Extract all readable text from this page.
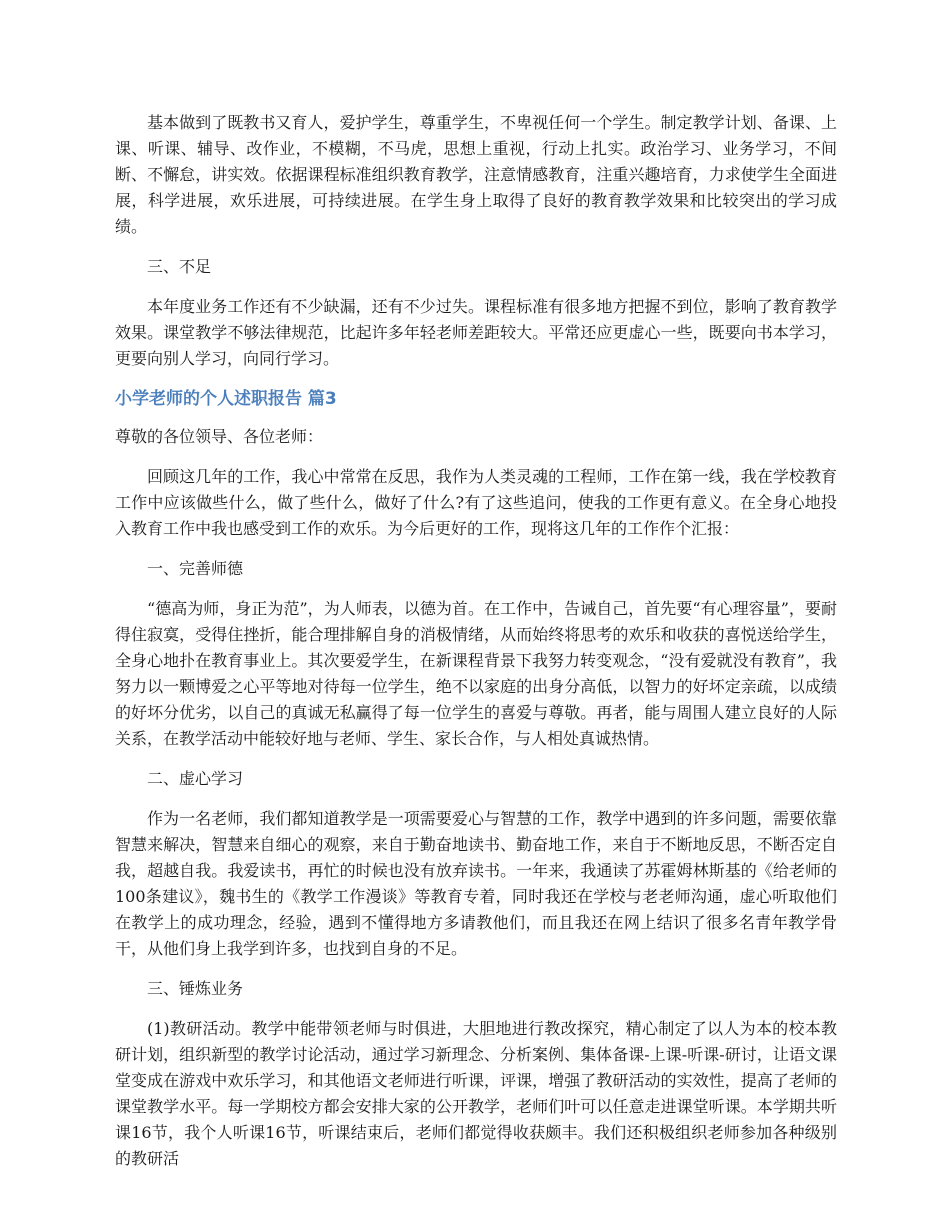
基本做到了既教书又育人，爱护学生，尊重学生，不卑视任何一个学生。制定教学计划、备课、上课、听课、辅导、改作业，不模糊，不马虎，思想上重视，行动上扎实。政治学习、业务学习，不间断、不懈怠，讲实效。依据课程标准组织教育教学，注意情感教育，注重兴趣培育，力求使学生全面进展，科学进展，欢乐进展，可持续进展。在学生身上取得了良好的教育教学效果和比较突出的学习成绩。

三、不足

本年度业务工作还有不少缺漏，还有不少过失。课程标准有很多地方把握不到位，影响了教育教学效果。课堂教学不够法律规范，比起许多年轻老师差距较大。平常还应更虚心一些，既要向书本学习，更要向别人学习，向同行学习。

小学老师的个人述职报告 篇3

尊敬的各位领导、各位老师：

回顾这几年的工作，我心中常常在反思，我作为人类灵魂的工程师，工作在第一线，我在学校教育工作中应该做些什么，做了些什么，做好了什么?有了这些追问，使我的工作更有意义。在全身心地投入教育工作中我也感受到工作的欢乐。为今后更好的工作，现将这几年的工作作个汇报：

一、完善师德

“德高为师，身正为范”，为人师表，以德为首。在工作中，告诫自己，首先要“有心理容量”，要耐得住寂寞，受得住挫折，能合理排解自身的消极情绪，从而始终将思考的欢乐和收获的喜悦送给学生，全身心地扑在教育事业上。其次要爱学生，在新课程背景下我努力转变观念，“没有爱就没有教育”，我努力以一颗博爱之心平等地对待每一位学生，绝不以家庭的出身分高低，以智力的好坏定亲疏，以成绩的好坏分优劣，以自己的真诚无私赢得了每一位学生的喜爱与尊敬。再者，能与周围人建立良好的人际关系，在教学活动中能较好地与老师、学生、家长合作，与人相处真诚热情。

二、虚心学习

作为一名老师，我们都知道教学是一项需要爱心与智慧的工作，教学中遇到的许多问题，需要依靠智慧来解决，智慧来自细心的观察，来自于勤奋地读书、勤奋地工作，来自于不断地反思，不断否定自我，超越自我。我爱读书，再忙的时候也没有放弃读书。一年来，我通读了苏霍姆林斯基的《给老师的100条建议》，魏书生的《教学工作漫谈》等教育专着，同时我还在学校与老老师沟通，虚心听取他们在教学上的成功理念，经验，遇到不懂得地方多请教他们，而且我还在网上结识了很多名青年教学骨干，从他们身上我学到许多，也找到自身的不足。

三、锤炼业务

(1)教研活动。教学中能带领老师与时俱进，大胆地进行教改探究，精心制定了以人为本的校本教研计划，组织新型的教学讨论活动，通过学习新理念、分析案例、集体备课-上课-听课-研讨，让语文课堂变成在游戏中欢乐学习，和其他语文老师进行听课，评课，增强了教研活动的实效性，提高了老师的课堂教学水平。每一学期校方都会安排大家的公开教学，老师们叶可以任意走进课堂听课。本学期共听课16节，我个人听课16节，听课结束后，老师们都觉得收获颇丰。我们还积极组织老师参加各种级别的教研活
